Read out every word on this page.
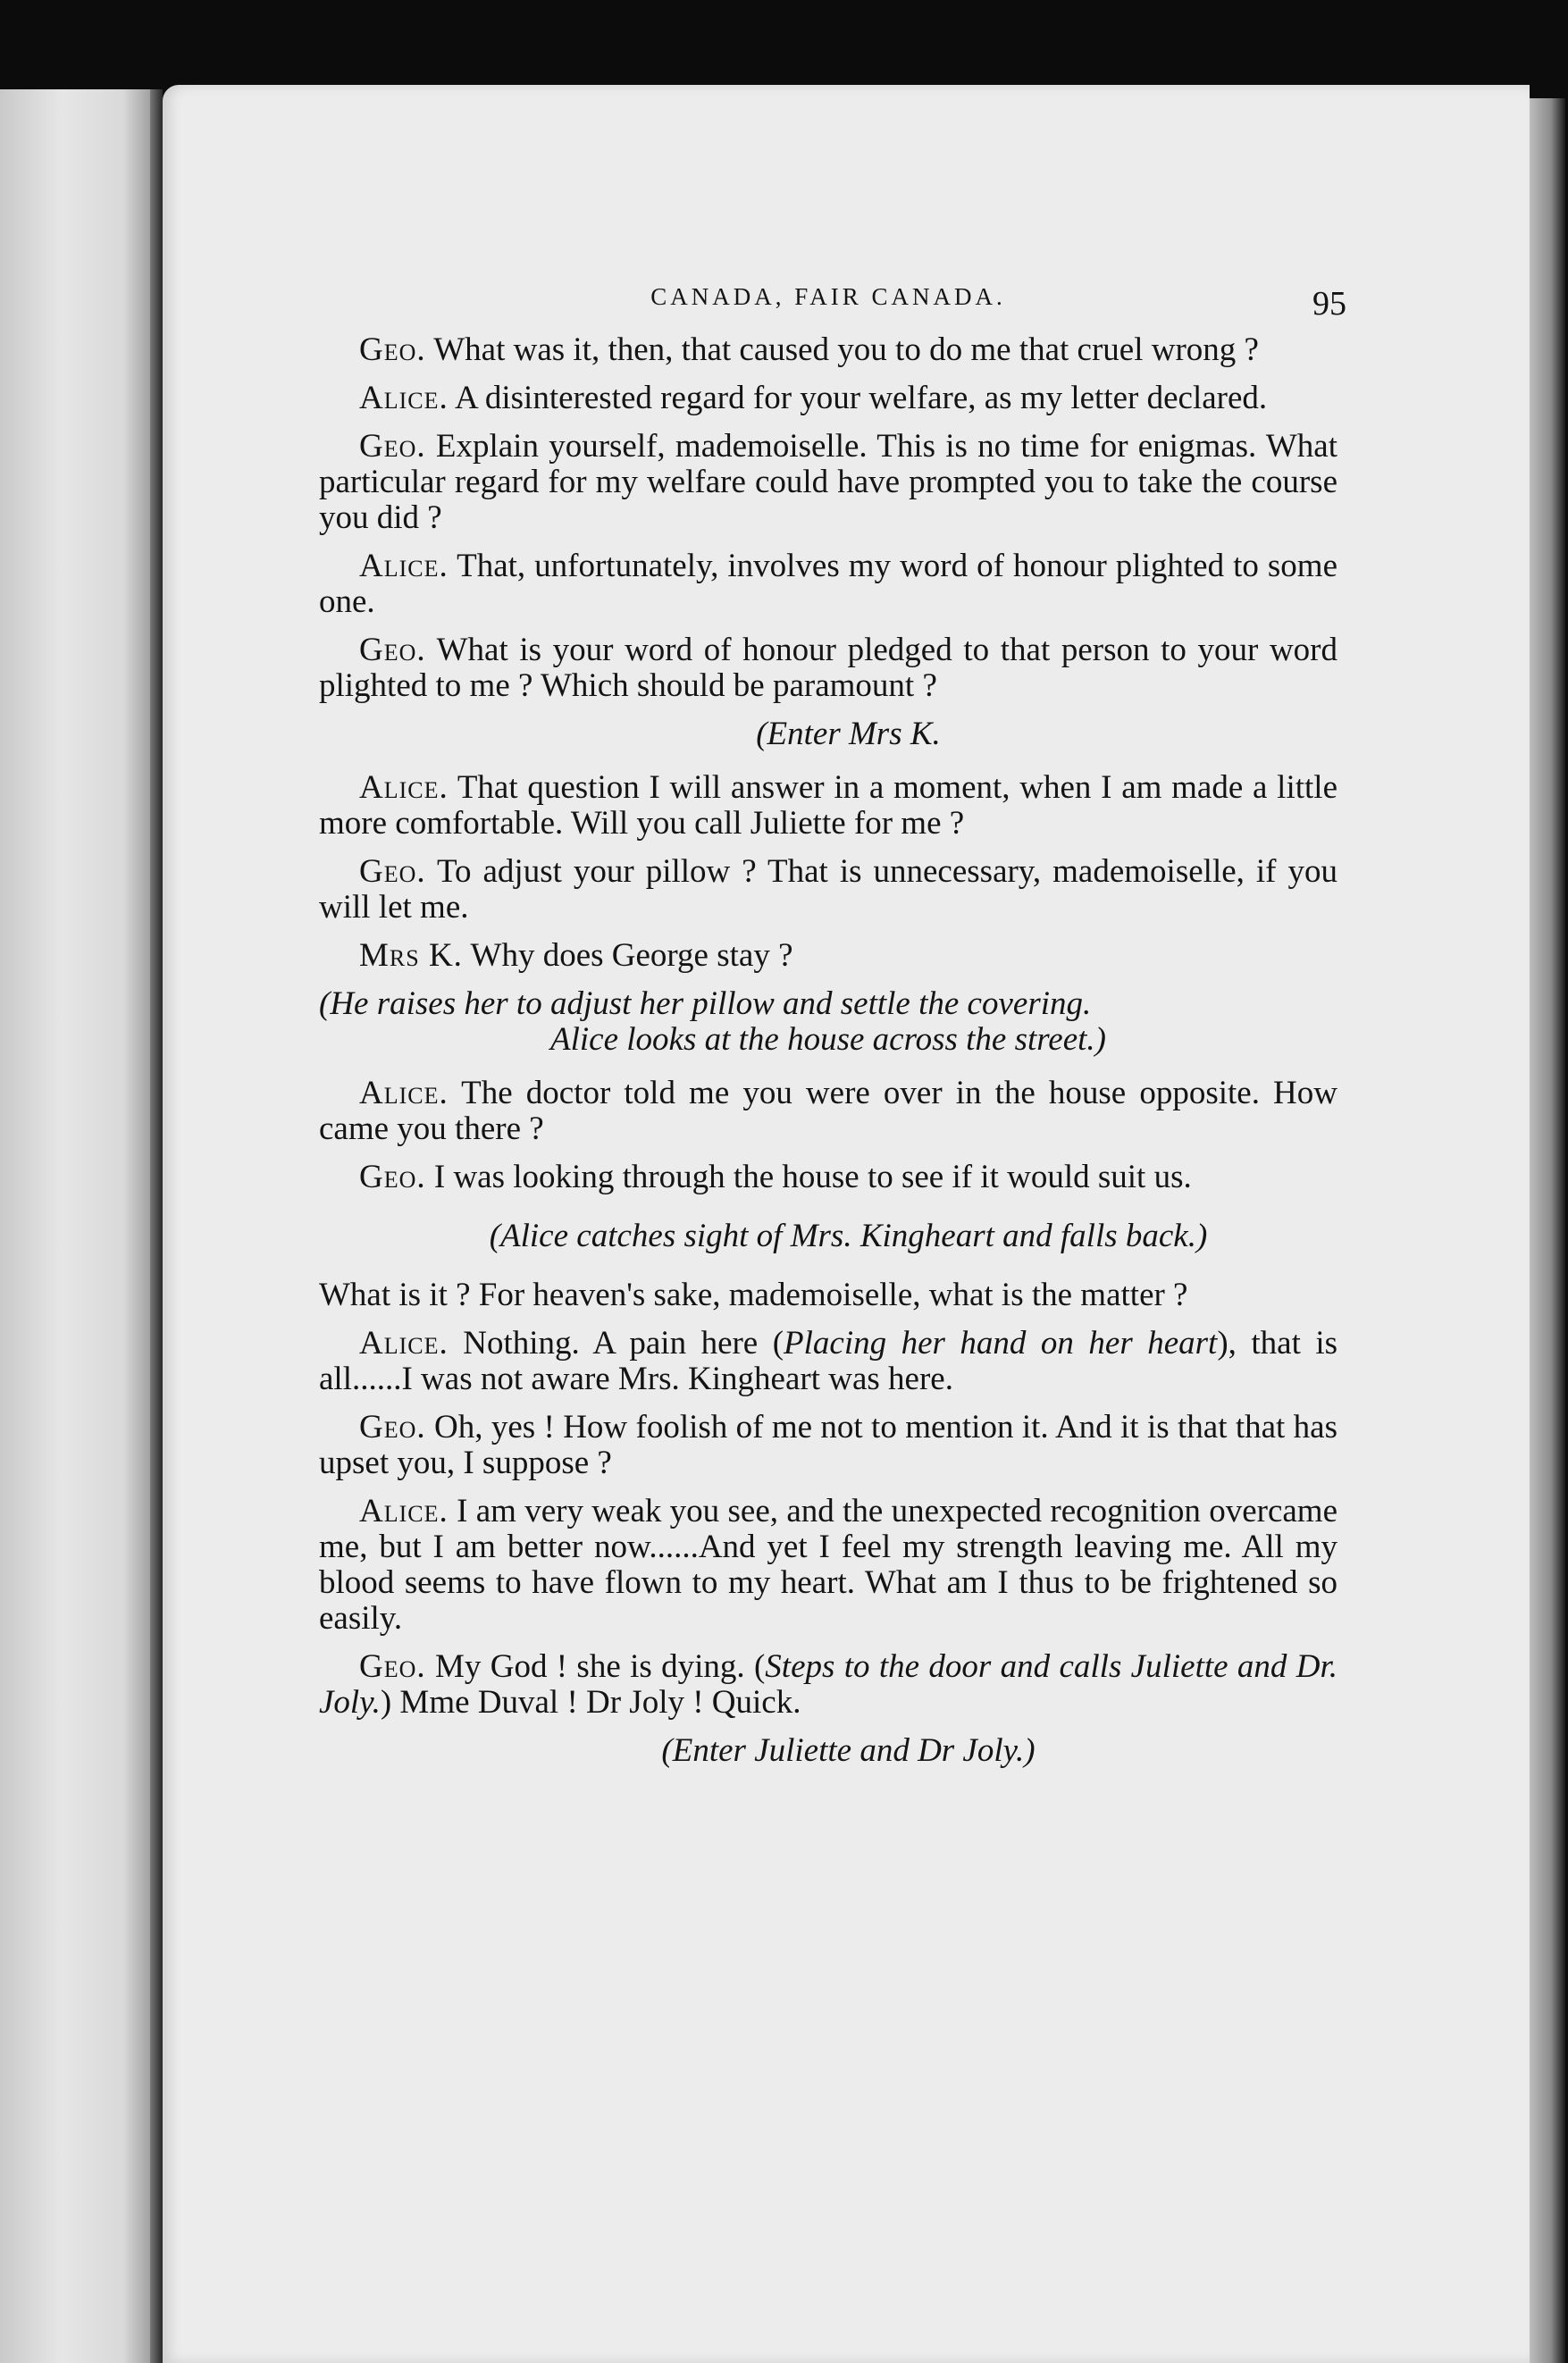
CANADA, FAIR CANADA.	95

Geo. What was it, then, that caused you to do me that cruel wrong ?

Alice. A disinterested regard for your welfare, as my letter declared.

Geo. Explain yourself, mademoiselle. This is no time for enigmas. What particular regard for my welfare could have prompted you to take the course you did ?

Alice. That, unfortunately, involves my word of honour plighted to some one.

Geo. What is your word of honour pledged to that person to your word plighted to me ? Which should be paramount ?

(Enter Mrs K.

Alice. That question I will answer in a moment, when I am made a little more comfortable. Will you call Juliette for me ?

Geo. To adjust your pillow ? That is unnecessary, mademoiselle, if you will let me.

Mrs K. Why does George stay ?

(He raises her to adjust her pillow and settle the covering.
Alice looks at the house across the street.)

Alice. The doctor told me you were over in the house opposite. How came you there ?

Geo. I was looking through the house to see if it would suit us.

(Alice catches sight of Mrs. Kingheart and falls back.)

What is it ? For heaven's sake, mademoiselle, what is the matter ?

Alice. Nothing. A pain here (Placing her hand on her heart), that is all......I was not aware Mrs. Kingheart was here.

Geo. Oh, yes ! How foolish of me not to mention it. And it is that that has upset you, I suppose ?

Alice. I am very weak you see, and the unexpected recognition overcame me, but I am better now......And yet I feel my strength leaving me. All my blood seems to have flown to my heart. What am I thus to be frightened so easily.

Geo. My God ! she is dying. (Steps to the door and calls Juliette and Dr. Joly.) Mme Duval ! Dr Joly ! Quick.

(Enter Juliette and Dr Joly.)
